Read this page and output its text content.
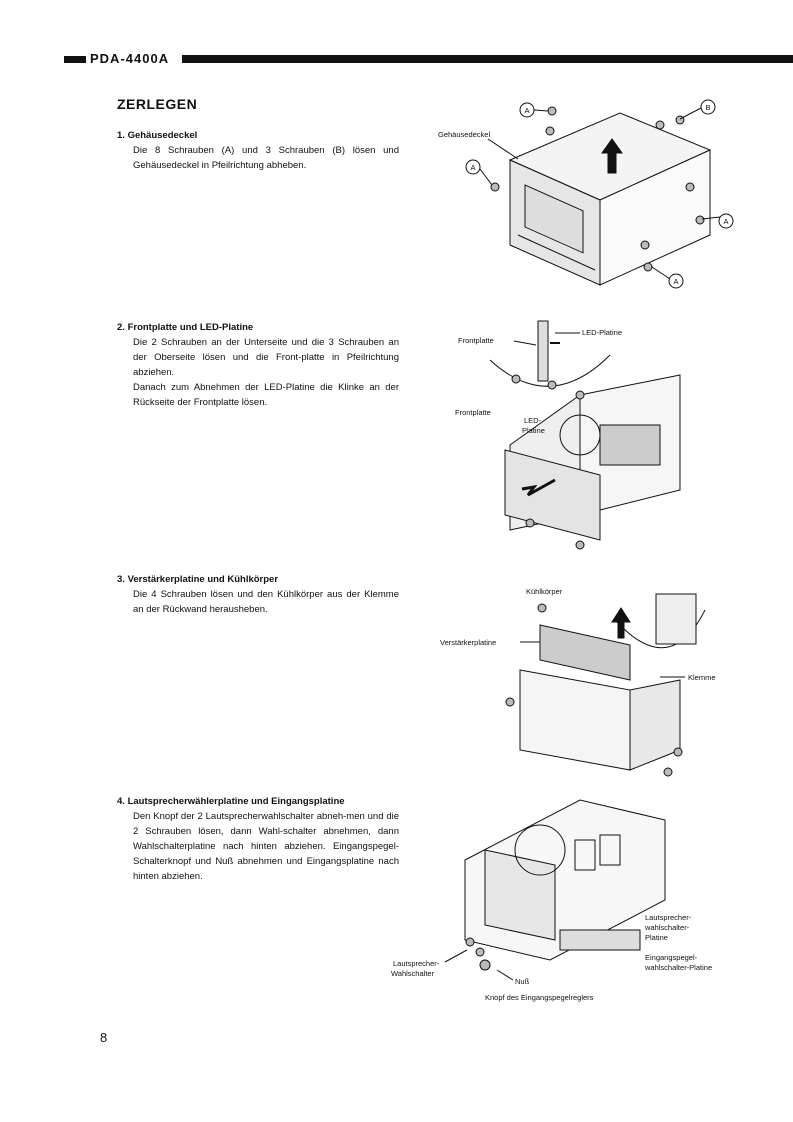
PDA-4400A
ZERLEGEN
1. Gehäusedeckel

Die 8 Schrauben (A) und 3 Schrauben (B) lösen und Gehäusedeckel in Pfeilrichtung abheben.

2. Frontplatte und LED-Platine

Die 2 Schrauben an der Unterseite und die 3 Schrauben an der Oberseite lösen und die Front-platte in Pfeilrichtung abziehen.

Danach zum Abnehmen der LED-Platine die Klinke an der Rückseite der Frontplatte lösen.

3. Verstärkerplatine und Kühlkörper

Die 4 Schrauben lösen und den Kühlkörper aus der Klemme an der Rückwand herausheben.

4. Lautsprecherwählerplatine und Eingangsplatine

Den Knopf der 2 Lautsprecherwahlschalter abneh-men und die 2 Schrauben lösen, dann Wahl-schalter abnehmen, dann Wahlschalterplatine nach hinten abziehen. Eingangspegel-Schalterknopf und Nuß abnehmen und Eingangsplatine nach hinten abziehen.

A
A
A
A
B
Gehäusedeckel
Frontplatte
LED-Platine
Frontplatte
LED-
Platine
Kühlkörper
Verstärkerplatine
Klemme
Lautsprecher-
wahlschalter-
Platine
Eingangspegel-
wahlschalter-Platine
Lautsprecher-
Wahlschalter
Nuß
Knopf des Eingangspegelreglers
8
